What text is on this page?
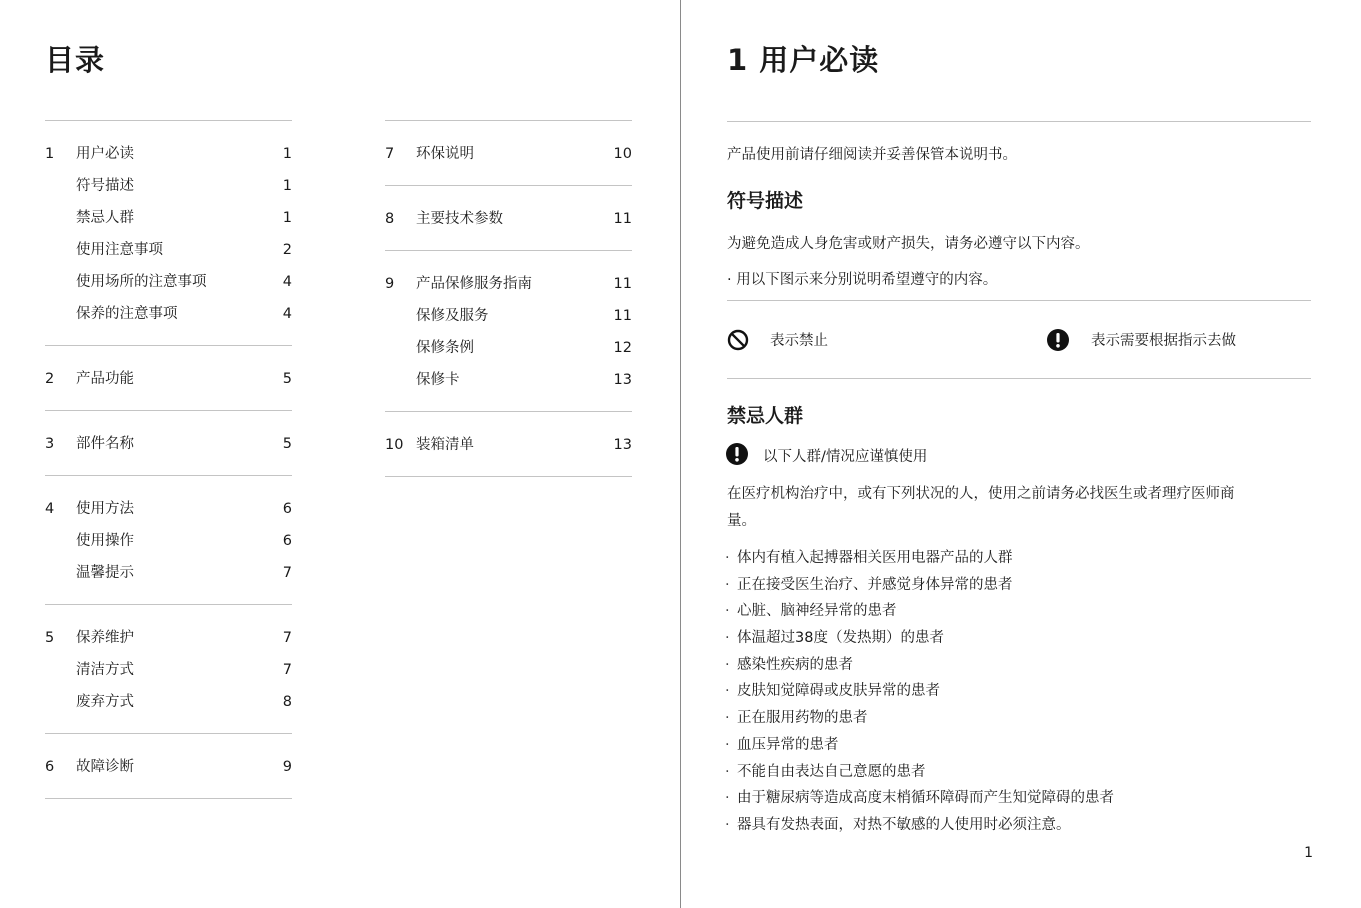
目录
1 用户必读	1
符号描述	1
禁忌人群	1
使用注意事项	2
使用场所的注意事项	4
保养的注意事项	4
2 产品功能	5
3 部件名称	5
4 使用方法	6
使用操作	6
温馨提示	7
5 保养维护	7
清洁方式	7
废弃方式	8
6 故障诊断	9
7 环保说明	10
8 主要技术参数	11
9 产品保修服务指南	11
保修及服务	11
保修条例	12
保修卡	13
10 装箱清单	13
1 用户必读
产品使用前请仔细阅读并妥善保管本说明书。
符号描述
为避免造成人身危害或财产损失，请务必遵守以下内容。
· 用以下图示来分别说明希望遵守的内容。
表示禁止	表示需要根据指示去做
禁忌人群
以下人群/情况应谨慎使用
在医疗机构治疗中，或有下列状况的人，使用之前请务必找医生或者理疗医师商
量。
· 体内有植入起搏器相关医用电器产品的人群
· 正在接受医生治疗、并感觉身体异常的患者
· 心脏、脑神经异常的患者
· 体温超过38度（发热期）的患者
· 感染性疾病的患者
· 皮肤知觉障碍或皮肤异常的患者
· 正在服用药物的患者
· 血压异常的患者
· 不能自由表达自己意愿的患者
· 由于糖尿病等造成高度末梢循环障碍而产生知觉障碍的患者
· 器具有发热表面，对热不敏感的人使用时必须注意。
1
